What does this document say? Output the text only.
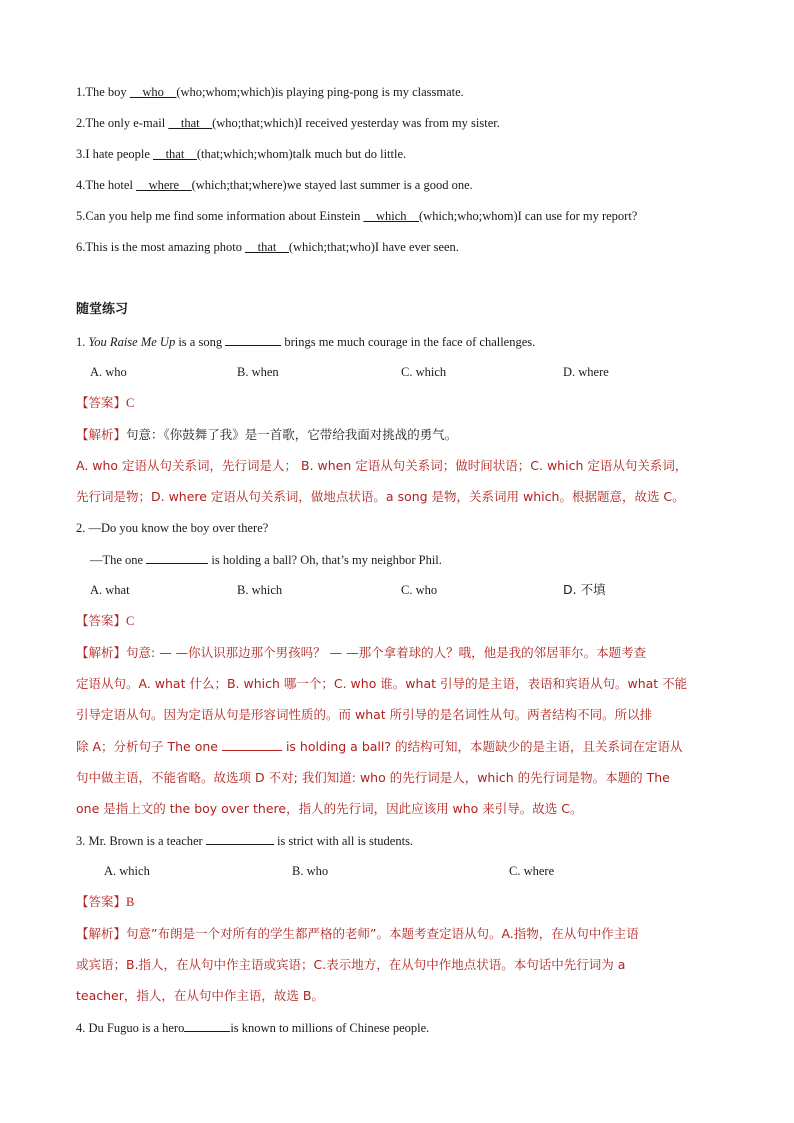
1.The boy __who__(who;whom;which)is playing ping-pong is my classmate.
2.The only e-mail __that__(who;that;which)I received yesterday was from my sister.
3.I hate people __that__(that;which;whom)talk much but do little.
4.The hotel __where__(which;that;where)we stayed last summer is a good one.
5.Can you help me find some information about Einstein __which__(which;who;whom)I can use for my report?
6.This is the most amazing photo __that__(which;that;who)I have ever seen.
随堂练习
1. You Raise Me Up is a song	brings me much courage in the face of challenges.
A. who	B. when	C. which	D. where
【答案】C
【解析】句意：《你鼓舞了我》是一首歌，它带给我面对挑战的勇气。
A. who 定语从句关系词，先行词是人； B. when 定语从句关系词；做时间状语；C. which 定语从句关系词，
先行词是物；D. where 定语从句关系词，做地点状语。a song 是物，关系词用 which。根据题意，故选 C。
2. —Do you know the boy over there?
—The one	is holding a ball? Oh, that’s my neighbor Phil.
A. what	B. which	C. who	D. 不填
【答案】C
【解析】句意: — —你认识那边那个男孩吗？ — —那个拿着球的人？哦，他是我的邻居菲尔。本题考查
定语从句。A. what 什么；B. which 哪一个；C. who 谁。what 引导的是主语，表语和宾语从句。what 不能
引导定语从句。因为定语从句是形容词性质的。而 what 所引导的是名词性从句。两者结构不同。所以排
除 A；分析句子 The one	is holding a ball? 的结构可知，本题缺少的是主语，且关系词在定语从
句中做主语，不能省略。故选项 D 不对; 我们知道: who 的先行词是人，which 的先行词是物。本题的 The
one 是指上文的 the boy over there，指人的先行词，因此应该用 who 来引导。故选 C。
3. Mr. Brown is a teacher	is strict with all is students.
A. which	B. who	C. where
【答案】B
【解析】句意”布朗是一个对所有的学生都严格的老师”。本题考查定语从句。A.指物，在从句中作主语
或宾语；B.指人，在从句中作主语或宾语；C.表示地方，在从句中作地点状语。本句话中先行词为 a
teacher，指人，在从句中作主语，故选 B。
4. Du Fuguo is a hero	is known to millions of Chinese people.
